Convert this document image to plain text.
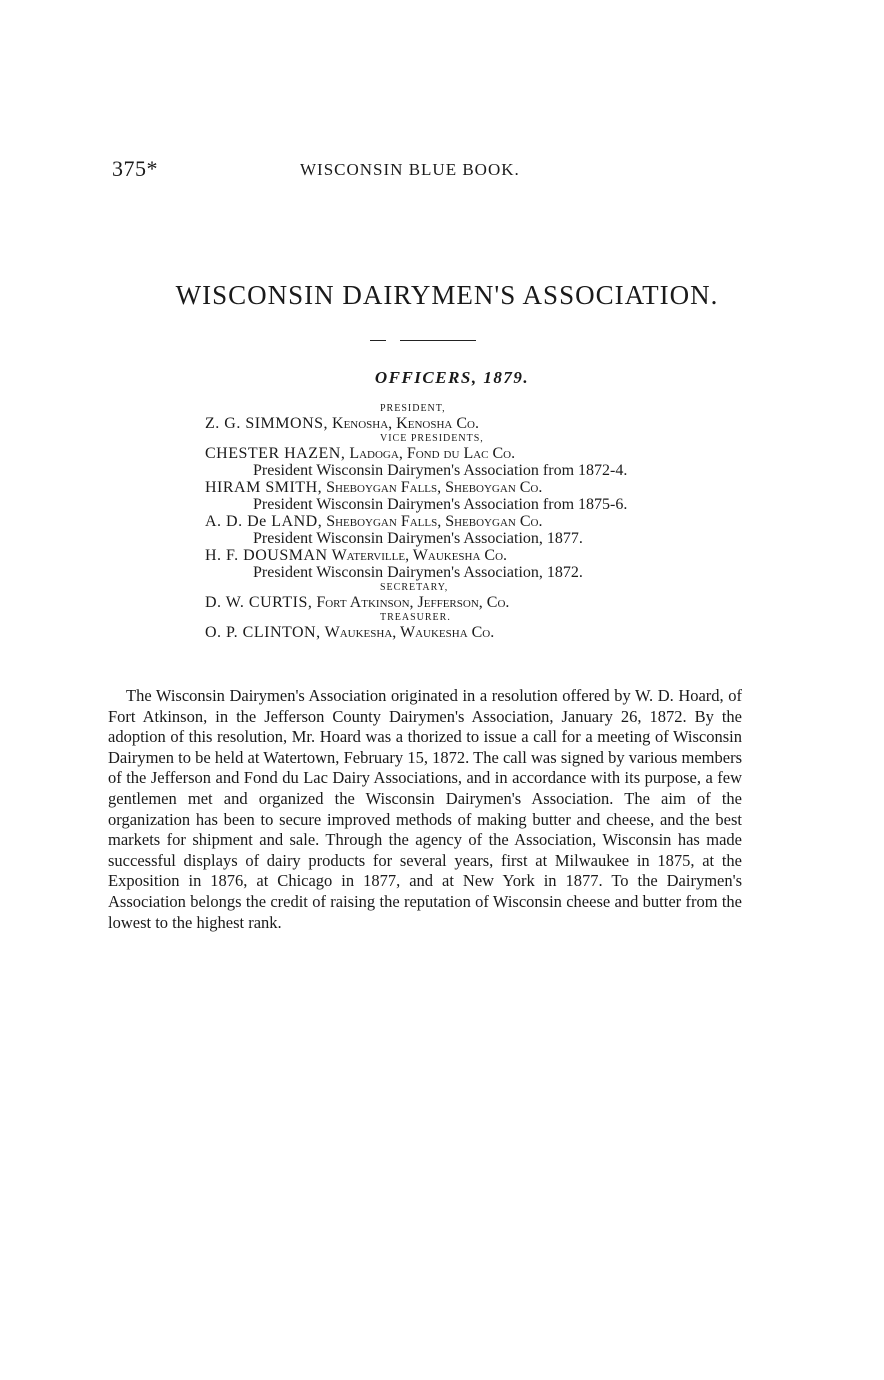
375*	WISCONSIN BLUE BOOK.
WISCONSIN DAIRYMEN'S ASSOCIATION.
OFFICERS, 1879.
PRESIDENT,
Z. G. SIMMONS, Kenosha, Kenosha Co.
VICE PRESIDENTS,
CHESTER HAZEN, Ladoga, Fond du Lac Co.
President Wisconsin Dairymen's Association from 1872-4.
HIRAM SMITH, Sheboygan Falls, Sheboygan Co.
President Wisconsin Dairymen's Association from 1875-6.
A. D. De LAND, Sheboygan Falls, Sheboygan Co.
President Wisconsin Dairymen's Association, 1877.
H. F. DOUSMAN Waterville, Waukesha Co.
President Wisconsin Dairymen's Association, 1872.
SECRETARY,
D. W. CURTIS, Fort Atkinson, Jefferson, Co.
TREASURER.
O. P. CLINTON, Waukesha, Waukesha Co.

The Wisconsin Dairymen's Association originated in a resolution offered by W. D. Hoard, of Fort Atkinson, in the Jefferson County Dairymen's Association, January 26, 1872. By the adoption of this resolution, Mr. Hoard was a thorized to issue a call for a meeting of Wisconsin Dairymen to be held at Watertown, February 15, 1872. The call was signed by various members of the Jefferson and Fond du Lac Dairy Associations, and in accordance with its purpose, a few gentlemen met and organized the Wisconsin Dairymen's Association. The aim of the organization has been to secure improved methods of making butter and cheese, and the best markets for shipment and sale. Through the agency of the Association, Wisconsin has made successful displays of dairy products for several years, first at Milwaukee in 1875, at the Exposition in 1876, at Chicago in 1877, and at New York in 1877. To the Dairymen's Association belongs the credit of raising the reputation of Wisconsin cheese and butter from the lowest to the highest rank.
